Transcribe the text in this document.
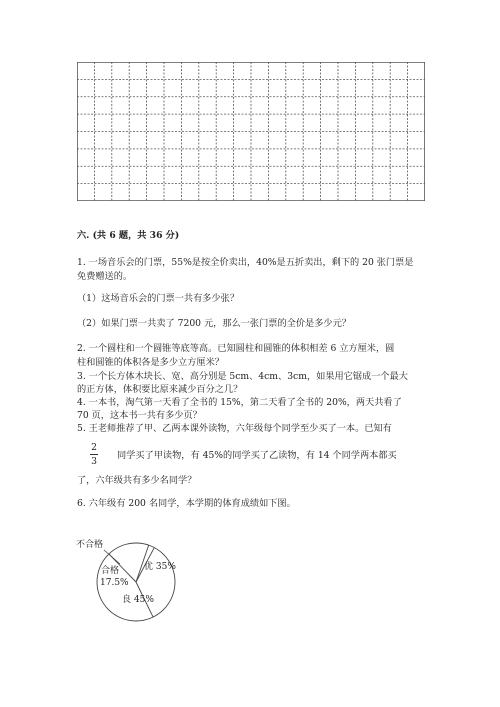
六. (共 6 题，共 36 分)
1. 一场音乐会的门票，55%是按全价卖出，40%是五折卖出，剩下的 20 张门票是
免费赠送的。
（1）这场音乐会的门票一共有多少张？
（2）如果门票一共卖了 7200 元，那么一张门票的全价是多少元？
2. 一个圆柱和一个圆锥等底等高。已知圆柱和圆锥的体积相差 6 立方厘米，圆
柱和圆锥的体积各是多少立方厘米？
3. 一个长方体木块长、宽、高分别是 5cm、4cm、3cm，如果用它锯成一个最大
的正方体，体积要比原来减少百分之几？
4. 一本书，淘气第一天看了全书的 15%，第二天看了全书的 20%，两天共看了
70 页，这本书一共有多少页？
5. 王老师推荐了甲、乙两本课外读物，六年级每个同学至少买了一本。已知有
2
3
同学买了甲读物，有 45%的同学买了乙读物，有 14 个同学两本都买
了，六年级共有多少名同学？
6. 六年级有 200 名同学，本学期的体育成绩如下图。
不合格
优 35%
良 45%
合格
17.5%
